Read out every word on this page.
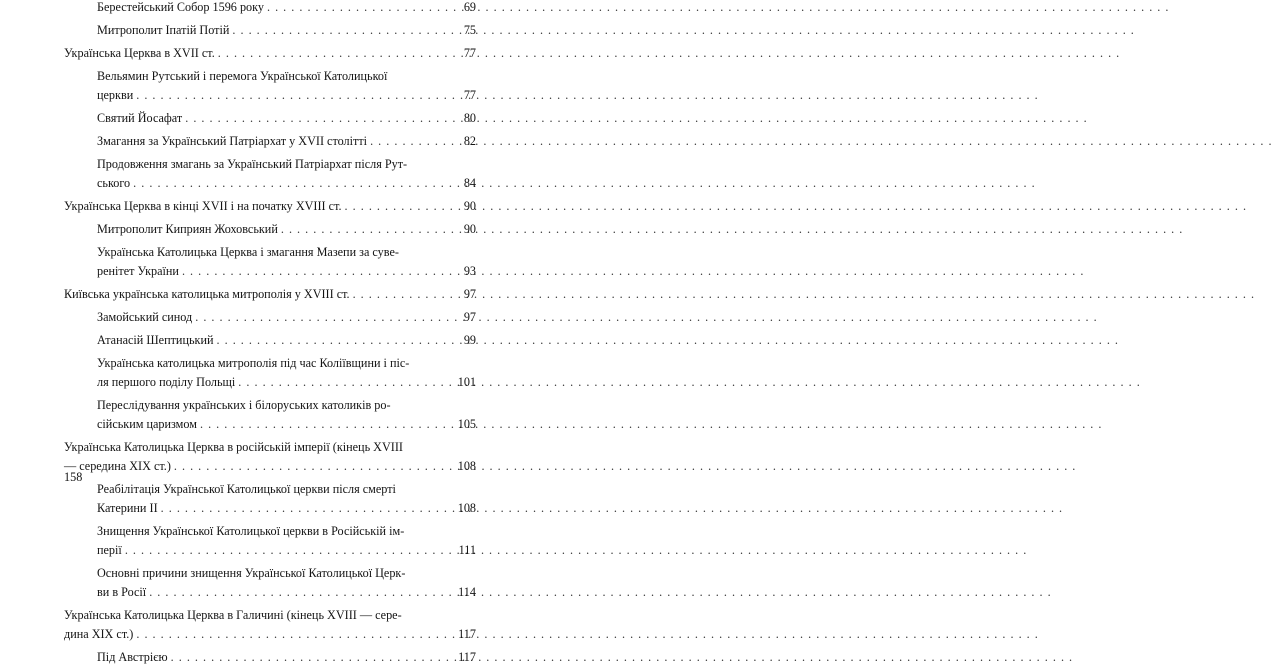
Берестейський Собор 1596 року . . .	69
Митрополит Іпатій Потій . . .	75
Українська Церква в XVII ст. . . .	77
Вельямин Рутський і перемога Української Католицької
церкви . . .	77
Святий Йосафат . . .	80
Змагання за Український Патріархат у XVII столітті . . .	82
Продовження змагань за Український Патріархат після Рут-
ського . . .	84
Українська Церква в кінці XVII і на початку XVIII ст. . . .	90
Митрополит Киприян Жоховський . . .	90
Українська Католицька Церква і змагання Мазепи за суве-
ренітет України . . .	93
Київська українська католицька митрополія у XVIII ст. . . .	97
Замойський синод . . .	97
Атанасій Шептицький . . .	99
Українська католицька митрополія під час Коліївщини і піс-
ля першого поділу Польщі . . .	101
Переслідування українських і білоруських католиків ро-
сійським царизмом . . .	105
Українська Католицька Церква в російській імперії (кінець XVIII
— середина XIX ст.) . . .	108
Реабілітація Української Католицької церкви після смерті
Катерини II . . .	108
Знищення Української Католицької церкви в Російській ім-
перії . . .	111
Основні причини знищення Української Католицької Церк-
ви в Росії . . .	114
Українська Католицька Церква в Галичині (кінець XVIII — сере-
дина XIX ст.) . . .	117
Під Австрією . . .	117
158
